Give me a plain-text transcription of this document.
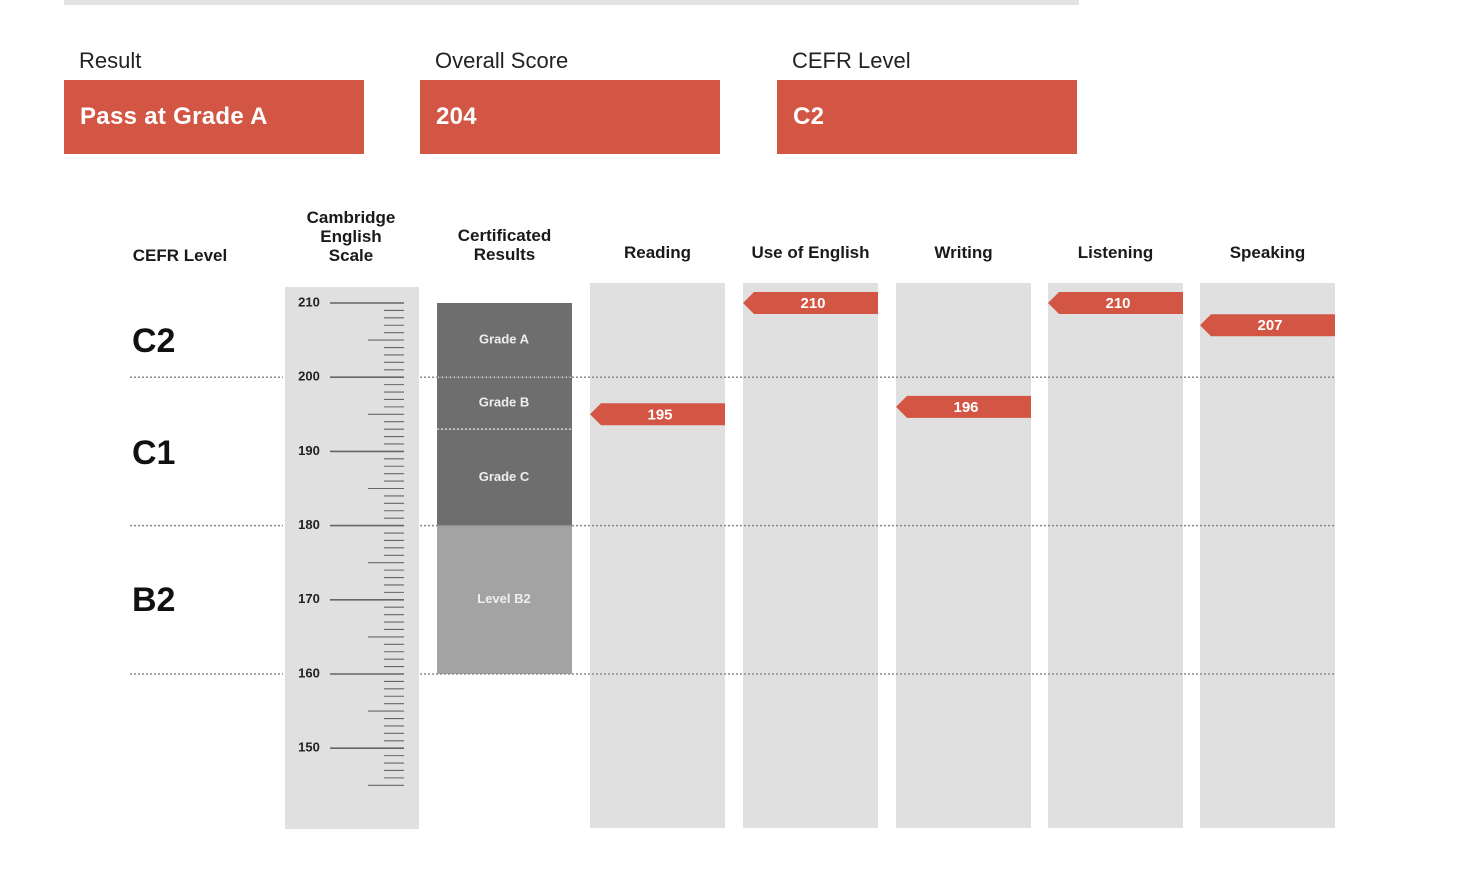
Result
Pass at Grade A
Overall Score
204
CEFR Level
C2
CEFR Level
Cambridge
English
Scale
Certificated
Results	Reading	Use of English	Writing	Listening	Speaking
C2
C1
B2
Grade A
Grade B
Grade C
Level B2
210
200
190
180
170
160
150
195
210
196
210
207
